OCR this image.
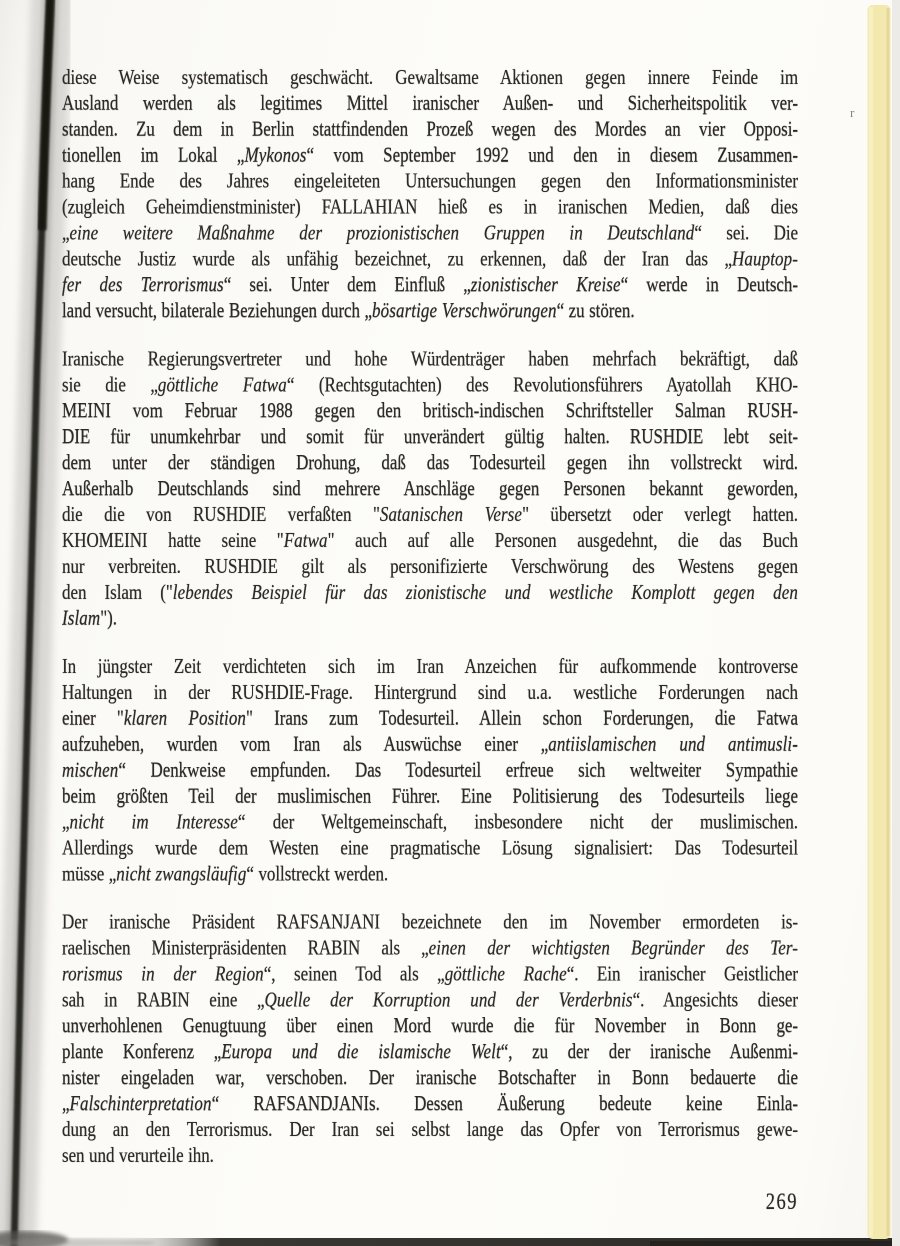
r
diese Weise systematisch geschwächt. Gewaltsame Aktionen gegen innere Feinde im
Ausland werden als legitimes Mittel iranischer Außen- und Sicherheitspolitik ver-
standen. Zu dem in Berlin stattfindenden Prozeß wegen des Mordes an vier Opposi-
tionellen im Lokal „Mykonos“ vom September 1992 und den in diesem Zusammen-
hang Ende des Jahres eingeleiteten Untersuchungen gegen den Informationsminister
(zugleich Geheimdienstminister) FALLAHIAN hieß es in iranischen Medien, daß dies
„eine weitere Maßnahme der prozionistischen Gruppen in Deutschland“ sei. Die
deutsche Justiz wurde als unfähig bezeichnet, zu erkennen, daß der Iran das „Hauptop-
fer des Terrorismus“ sei. Unter dem Einfluß „zionistischer Kreise“ werde in Deutsch-
land versucht, bilaterale Beziehungen durch „bösartige Verschwörungen“ zu stören.
Iranische Regierungsvertreter und hohe Würdenträger haben mehrfach bekräftigt, daß
sie die „göttliche Fatwa“ (Rechtsgutachten) des Revolutionsführers Ayatollah KHO-
MEINI vom Februar 1988 gegen den britisch-indischen Schriftsteller Salman RUSH-
DIE für unumkehrbar und somit für unverändert gültig halten. RUSHDIE lebt seit-
dem unter der ständigen Drohung, daß das Todesurteil gegen ihn vollstreckt wird.
Außerhalb Deutschlands sind mehrere Anschläge gegen Personen bekannt geworden,
die die von RUSHDIE verfaßten "Satanischen Verse" übersetzt oder verlegt hatten.
KHOMEINI hatte seine "Fatwa" auch auf alle Personen ausgedehnt, die das Buch
nur verbreiten. RUSHDIE gilt als personifizierte Verschwörung des Westens gegen
den Islam ("lebendes Beispiel für das zionistische und westliche Komplott gegen den
Islam").
In jüngster Zeit verdichteten sich im Iran Anzeichen für aufkommende kontroverse
Haltungen in der RUSHDIE-Frage. Hintergrund sind u.a. westliche Forderungen nach
einer "klaren Position" Irans zum Todesurteil. Allein schon Forderungen, die Fatwa
aufzuheben, wurden vom Iran als Auswüchse einer „antiislamischen und antimusli-
mischen“ Denkweise empfunden. Das Todesurteil erfreue sich weltweiter Sympathie
beim größten Teil der muslimischen Führer. Eine Politisierung des Todesurteils liege
„nicht im Interesse“ der Weltgemeinschaft, insbesondere nicht der muslimischen.
Allerdings wurde dem Westen eine pragmatische Lösung signalisiert: Das Todesurteil
müsse „nicht zwangsläufig“ vollstreckt werden.
Der iranische Präsident RAFSANJANI bezeichnete den im November ermordeten is-
raelischen Ministerpräsidenten RABIN als „einen der wichtigsten Begründer des Ter-
rorismus in der Region“, seinen Tod als „göttliche Rache“. Ein iranischer Geistlicher
sah in RABIN eine „Quelle der Korruption und der Verderbnis“. Angesichts dieser
unverhohlenen Genugtuung über einen Mord wurde die für November in Bonn ge-
plante Konferenz „Europa und die islamische Welt“, zu der der iranische Außenmi-
nister eingeladen war, verschoben. Der iranische Botschafter in Bonn bedauerte die
„Falschinterpretation“ RAFSANDJANIs. Dessen Äußerung bedeute keine Einla-
dung an den Terrorismus. Der Iran sei selbst lange das Opfer von Terrorismus gewe-
sen und verurteile ihn.
269
